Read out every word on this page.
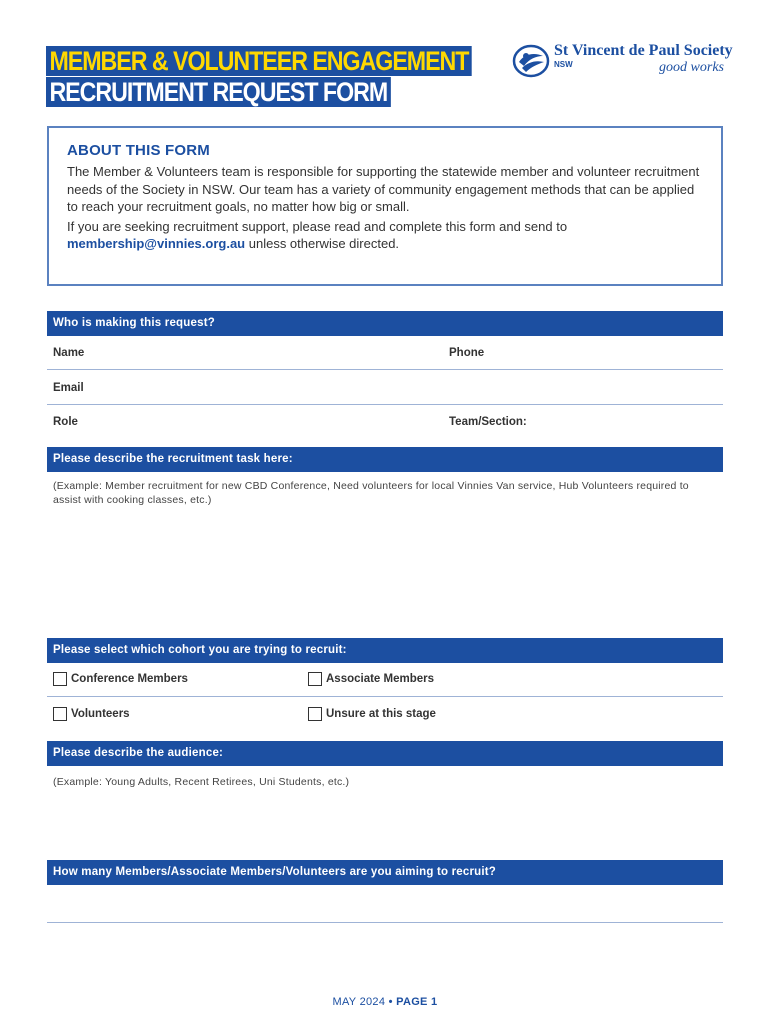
MEMBER & VOLUNTEER ENGAGEMENT
RECRUITMENT REQUEST FORM
St Vincent de Paul Society
NSW	good works
ABOUT THIS FORM

The Member & Volunteers team is responsible for supporting the statewide member and volunteer recruitment needs of the Society in NSW. Our team has a variety of community engagement methods that can be applied to reach your recruitment goals, no matter how big or small.

If you are seeking recruitment support, please read and complete this form and send to membership@vinnies.org.au unless otherwise directed.

Who is making this request?
Name	Phone
Email
Role	Team/Section:
Please describe the recruitment task here:
(Example: Member recruitment for new CBD Conference, Need volunteers for local Vinnies Van service, Hub Volunteers required to assist with cooking classes, etc.)
Please select which cohort you are trying to recruit:
Conference Members	Associate Members
Volunteers	Unsure at this stage
Please describe the audience:
(Example: Young Adults, Recent Retirees, Uni Students, etc.)
How many Members/Associate Members/Volunteers are you aiming to recruit?
MAY 2024 • PAGE 1
